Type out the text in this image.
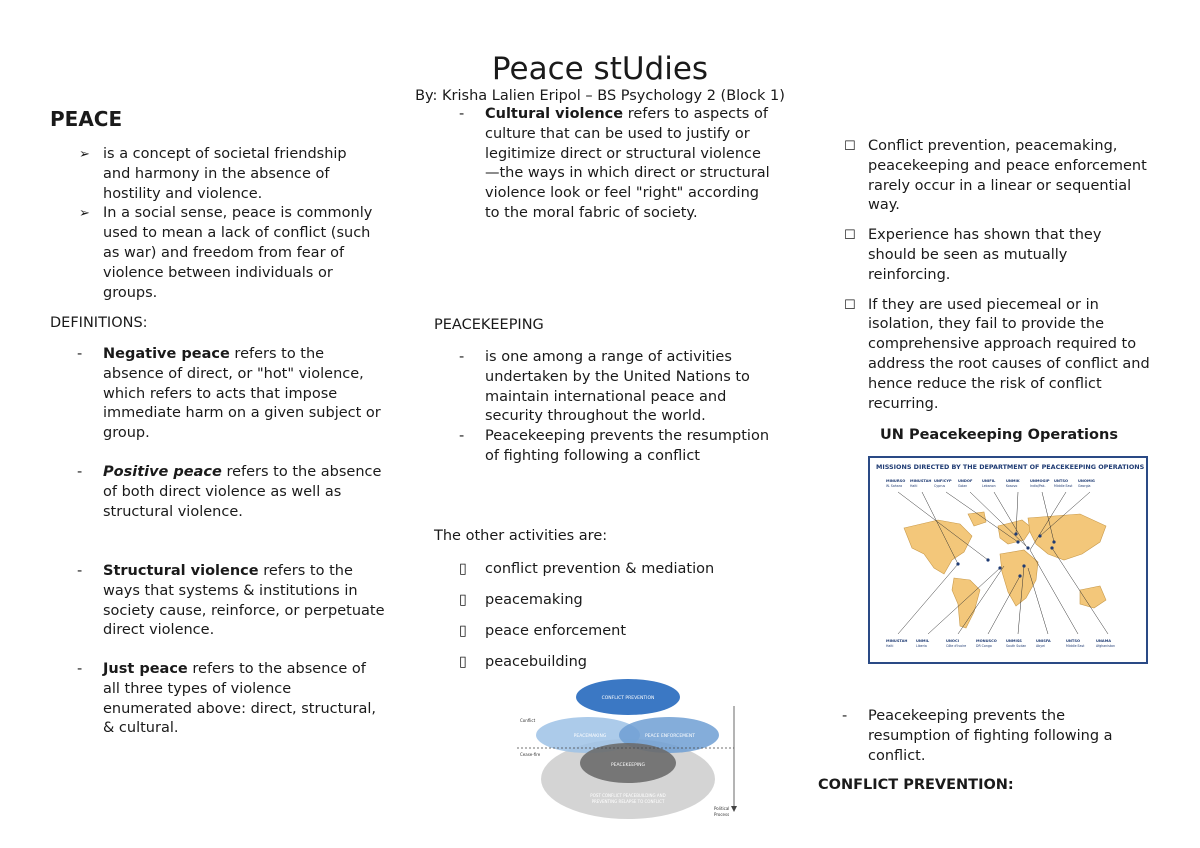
Peace stUdies
By: Krisha Lalien Eripol – BS Psychology 2 (Block 1)
PEACE
➢ is a concept of societal friendship and harmony in the absence of hostility and violence.
➢ In a social sense, peace is commonly used to mean a lack of conflict (such as war) and freedom from fear of violence between individuals or groups.
DEFINITIONS:
- Negative peace refers to the absence of direct, or "hot" violence, which refers to acts that impose immediate harm on a given subject or group.
- Positive peace refers to the absence of both direct violence as well as structural violence.
- Structural violence refers to the ways that systems & institutions in society cause, reinforce, or perpetuate direct violence.
- Just peace refers to the absence of all three types of violence enumerated above: direct, structural, & cultural.
- Cultural violence refers to aspects of culture that can be used to justify or legitimize direct or structural violence—the ways in which direct or structural violence look or feel "right" according to the moral fabric of society.
PEACEKEEPING
- is one among a range of activities undertaken by the United Nations to maintain international peace and security throughout the world.
- Peacekeeping prevents the resumption of fighting following a conflict
The other activities are:
▯ conflict prevention & mediation
▯ peacemaking
▯ peace enforcement
▯ peacebuilding
CONFLICT PREVENTION
PEACEMAKING	PEACE ENFORCEMENT
PEACEKEEPING
POST CONFLICT PEACEBUILDING AND
PREVENTING RELAPSE TO CONFLICT
Conflict
Cease-fire
Political
Process
☐ Conflict prevention, peacemaking, peacekeeping and peace enforcement rarely occur in a linear or sequential way.
☐ Experience has shown that they should be seen as mutually reinforcing.
☐ If they are used piecemeal or in isolation, they fail to provide the comprehensive approach required to address the root causes of conflict and hence reduce the risk of conflict recurring.
UN Peacekeeping Operations
MISSIONS DIRECTED BY THE DEPARTMENT OF PEACEKEEPING OPERATIONS
MINURSO
W. Sahara
MINUSTAH
Haiti
UNFICYP
Cyprus
UNDOF
Golan
UNIFIL
Lebanon
UNMIK
Kosovo
UNMOGIP
India/Pak.
UNTSO
Middle East
UNOMIG
Georgia
MINUSTAH
Haiti
UNMIL
Liberia
UNOCI
Côte d'Ivoire
MONUSCO
DR Congo
UNMISS
South Sudan
UNISFA
Abyei
UNTSO
Middle East
UNAMA
Afghanistan
- Peacekeeping prevents the resumption of fighting following a conflict.
CONFLICT PREVENTION:
